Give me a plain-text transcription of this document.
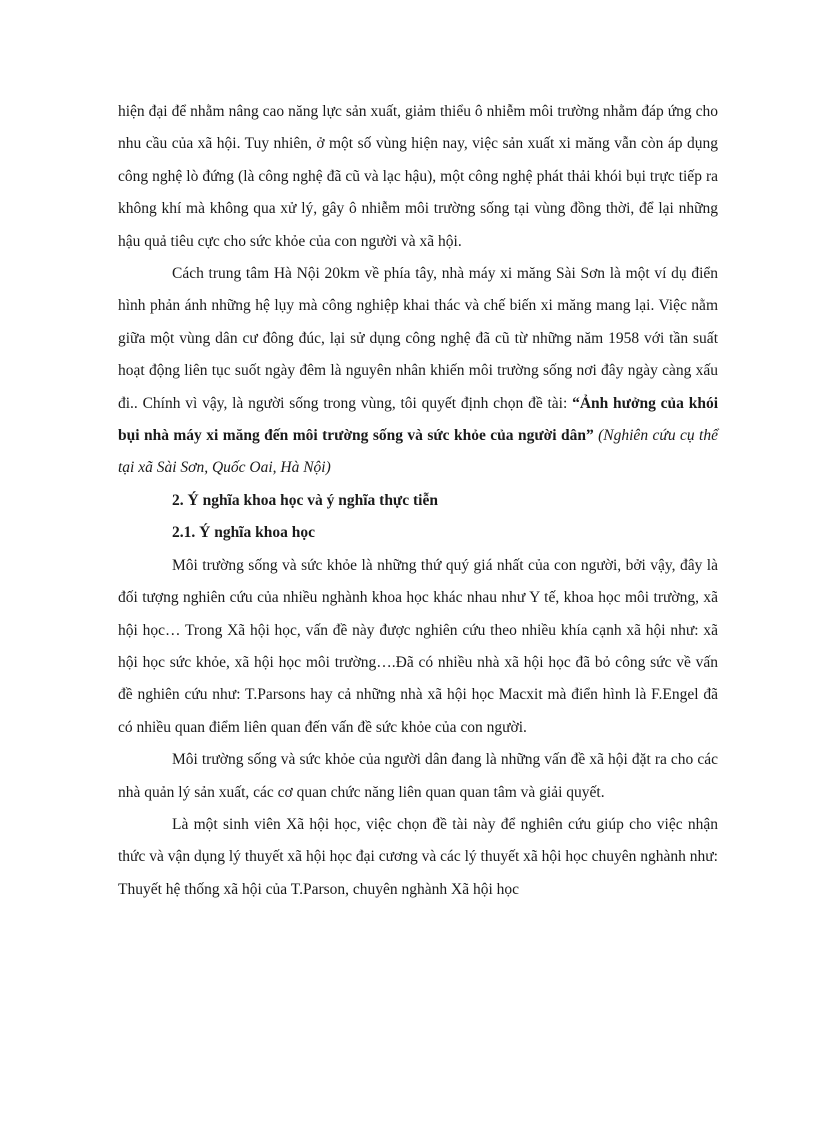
hiện đại để nhằm nâng cao năng lực sản xuất, giảm thiểu ô nhiễm môi trường nhằm đáp ứng cho nhu cầu của xã hội. Tuy nhiên, ở một số vùng hiện nay, việc sản xuất xi măng vẫn còn áp dụng công nghệ lò đứng (là công nghệ đã cũ và lạc hậu), một công nghệ phát thải khói bụi trực tiếp ra không khí mà không qua xử lý, gây ô nhiễm môi trường sống tại vùng đồng thời, để lại những hậu quả tiêu cực cho sức khỏe của con người và xã hội.

Cách trung tâm Hà Nội 20km về phía tây, nhà máy xi măng Sài Sơn là một ví dụ điển hình phản ánh những hệ lụy mà công nghiệp khai thác và chế biến xi măng mang lại. Việc nằm giữa một vùng dân cư đông đúc, lại sử dụng công nghệ đã cũ từ những năm 1958 với tần suất hoạt động liên tục suốt ngày đêm là nguyên nhân khiến môi trường sống nơi đây ngày càng xấu đi.. Chính vì vậy, là người sống trong vùng, tôi quyết định chọn đề tài: “Ảnh hưởng của khói bụi nhà máy xi măng đến môi trường sống và sức khỏe của người dân” (Nghiên cứu cụ thể tại xã Sài Sơn, Quốc Oai, Hà Nội)

2. Ý nghĩa khoa học và ý nghĩa thực tiễn

2.1. Ý nghĩa khoa học

Môi trường sống và sức khỏe là những thứ quý giá nhất của con người, bởi vậy, đây là đối tượng nghiên cứu của nhiều nghành khoa học khác nhau như Y tế, khoa học môi trường, xã hội học… Trong Xã hội học, vấn đề này được nghiên cứu theo nhiều khía cạnh xã hội như: xã hội học sức khỏe, xã hội học môi trường….Đã có nhiều nhà xã hội học đã bỏ công sức về vấn đề nghiên cứu như: T.Parsons hay cả những nhà xã hội học Macxit mà điển hình là F.Engel đã có nhiều quan điểm liên quan đến vấn đề sức khỏe của con người.

Môi trường sống và sức khỏe của người dân đang là những vấn đề xã hội đặt ra cho các nhà quản lý sản xuất, các cơ quan chức năng liên quan quan tâm và giải quyết.

Là một sinh viên Xã hội học, việc chọn đề tài này để nghiên cứu giúp cho việc nhận thức và vận dụng lý thuyết xã hội học đại cương và các lý thuyết xã hội học chuyên nghành như: Thuyết hệ thống xã hội của T.Parson, chuyên nghành Xã hội học
